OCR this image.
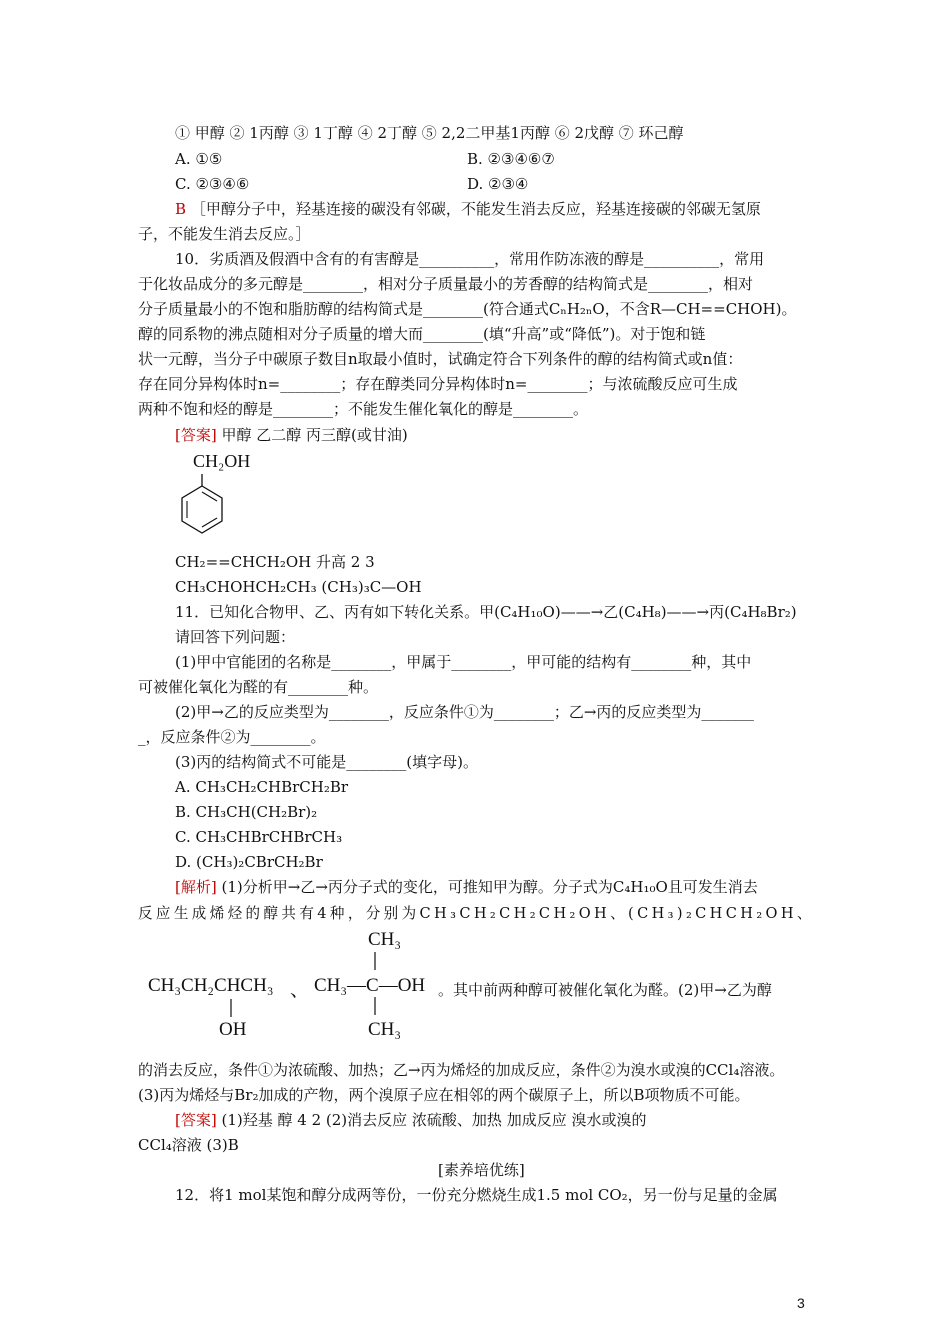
① 甲醇 ② 1丙醇 ③ 1丁醇 ④ 2丁醇 ⑤ 2,2二甲基1丙醇 ⑥ 2戊醇 ⑦ 环己醇
A. ①⑤	B. ②③④⑥⑦
C. ②③④⑥	D. ②③④
B ［甲醇分子中，羟基连接的碳没有邻碳，不能发生消去反应，羟基连接碳的邻碳无氢原
子，不能发生消去反应。］
10．劣质酒及假酒中含有的有害醇是__________，常用作防冻液的醇是__________，常用
于化妆品成分的多元醇是________，相对分子质量最小的芳香醇的结构简式是________，相对
分子质量最小的不饱和脂肪醇的结构简式是________(符合通式CₙH₂ₙO，不含R—CH==CHOH)。
醇的同系物的沸点随相对分子质量的增大而________(填“升高”或“降低”)。对于饱和链
状一元醇，当分子中碳原子数目n取最小值时，试确定符合下列条件的醇的结构简式或n值：
存在同分异构体时n=________；存在醇类同分异构体时n=________；与浓硫酸反应可生成
两种不饱和烃的醇是________；不能发生催化氧化的醇是________。
[答案] 甲醇 乙二醇 丙三醇(或甘油)
CH₂OH
CH₂==CHCH₂OH 升高 2 3
CH₃CHOHCH₂CH₃ (CH₃)₃C—OH
11．已知化合物甲、乙、丙有如下转化关系。甲(C₄H₁₀O)——→乙(C₄H₈)——→丙(C₄H₈Br₂)
请回答下列问题：
(1)甲中官能团的名称是________，甲属于________，甲可能的结构有________种，其中
可被催化氧化为醛的有________种。
(2)甲→乙的反应类型为________，反应条件①为________；乙→丙的反应类型为_______
_，反应条件②为________。
(3)丙的结构简式不可能是________(填字母)。
A. CH₃CH₂CHBrCH₂Br
B. CH₃CH(CH₂Br)₂
C. CH₃CHBrCHBrCH₃
D. (CH₃)₂CBrCH₂Br
[解析] (1)分析甲→乙→丙分子式的变化，可推知甲为醇。分子式为C₄H₁₀O且可发生消去
反应生成烯烃的醇共有4种，分别为CH₃CH₂CH₂CH₂OH、(CH₃)₂CHCH₂OH、
CH₃
CH₃CH₂CHCH₃
OH
、 CH₃—C—OH
CH₃
。其中前两种醇可被催化氧化为醛。(2)甲→乙为醇
的消去反应，条件①为浓硫酸、加热；乙→丙为烯烃的加成反应，条件②为溴水或溴的CCl₄溶液。
(3)丙为烯烃与Br₂加成的产物，两个溴原子应在相邻的两个碳原子上，所以B项物质不可能。
[答案] (1)羟基 醇 4 2 (2)消去反应 浓硫酸、加热 加成反应 溴水或溴的
CCl₄溶液 (3)B
[素养培优练]
12．将1 mol某饱和醇分成两等份，一份充分燃烧生成1.5 mol CO₂，另一份与足量的金属
3
